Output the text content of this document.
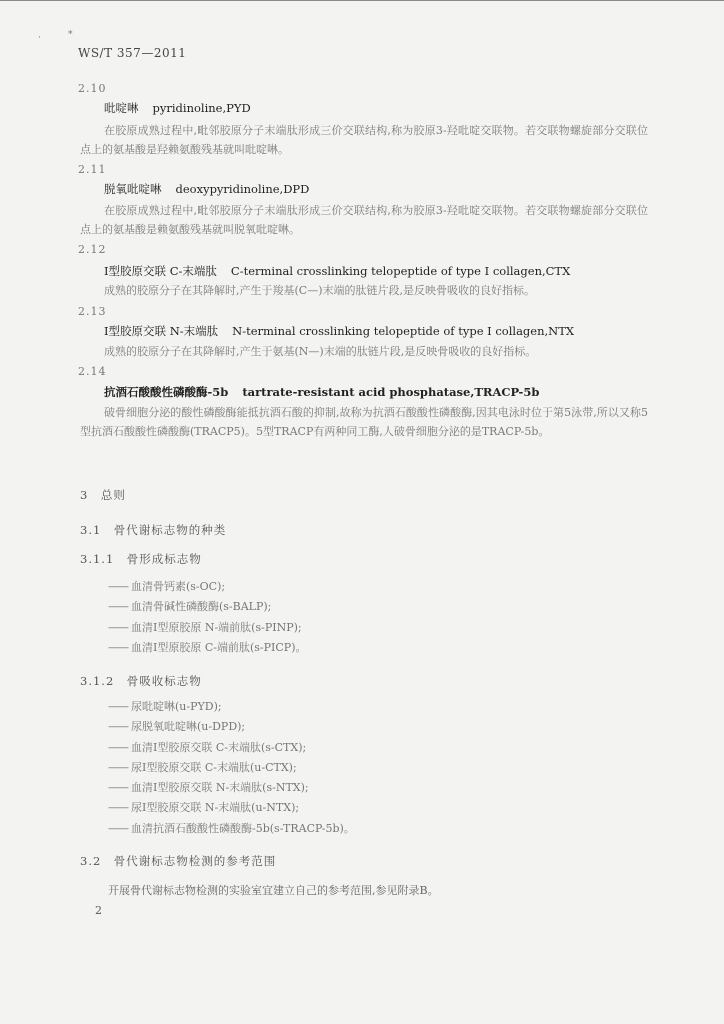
·	*
WS/T 357—2011
2.10
吡啶啉 pyridinoline,PYD

在胶原成熟过程中,毗邻胶原分子末端肽形成三价交联结构,称为胶原3-羟吡啶交联物。若交联物螺旋部分交联位点上的氨基酸是羟赖氨酸残基就叫吡啶啉。

2.11
脱氧吡啶啉 deoxypyridinoline,DPD

在胶原成熟过程中,毗邻胶原分子末端肽形成三价交联结构,称为胶原3-羟吡啶交联物。若交联物螺旋部分交联位点上的氨基酸是赖氨酸残基就叫脱氧吡啶啉。

2.12
Ⅰ型胶原交联 C-末端肽 C-terminal crosslinking telopeptide of type Ⅰ collagen,CTX

成熟的胶原分子在其降解时,产生于羧基(C—)末端的肽链片段,是反映骨吸收的良好指标。

2.13
Ⅰ型胶原交联 N-末端肽 N-terminal crosslinking telopeptide of type Ⅰ collagen,NTX

成熟的胶原分子在其降解时,产生于氨基(N—)末端的肽链片段,是反映骨吸收的良好指标。

2.14
抗酒石酸酸性磷酸酶-5b tartrate-resistant acid phosphatase,TRACP-5b

破骨细胞分泌的酸性磷酸酶能抵抗酒石酸的抑制,故称为抗酒石酸酸性磷酸酶,因其电泳时位于第5泳带,所以又称5型抗酒石酸酸性磷酸酶(TRACP5)。5型TRACP有两种同工酶,人破骨细胞分泌的是TRACP-5b。

3　总则
3.1　骨代谢标志物的种类
3.1.1　骨形成标志物
—— 血清骨钙素(s-OC);
—— 血清骨碱性磷酸酶(s-BALP);
—— 血清Ⅰ型原胶原 N-端前肽(s-PINP);
—— 血清Ⅰ型原胶原 C-端前肽(s-PICP)。
3.1.2　骨吸收标志物
—— 尿吡啶啉(u-PYD);
—— 尿脱氧吡啶啉(u-DPD);
—— 血清Ⅰ型胶原交联 C-末端肽(s-CTX);
—— 尿Ⅰ型胶原交联 C-末端肽(u-CTX);
—— 血清Ⅰ型胶原交联 N-末端肽(s-NTX);
—— 尿Ⅰ型胶原交联 N-末端肽(u-NTX);
—— 血清抗酒石酸酸性磷酸酶-5b(s-TRACP-5b)。
3.2　骨代谢标志物检测的参考范围
开展骨代谢标志物检测的实验室宜建立自己的参考范围,参见附录B。
2
